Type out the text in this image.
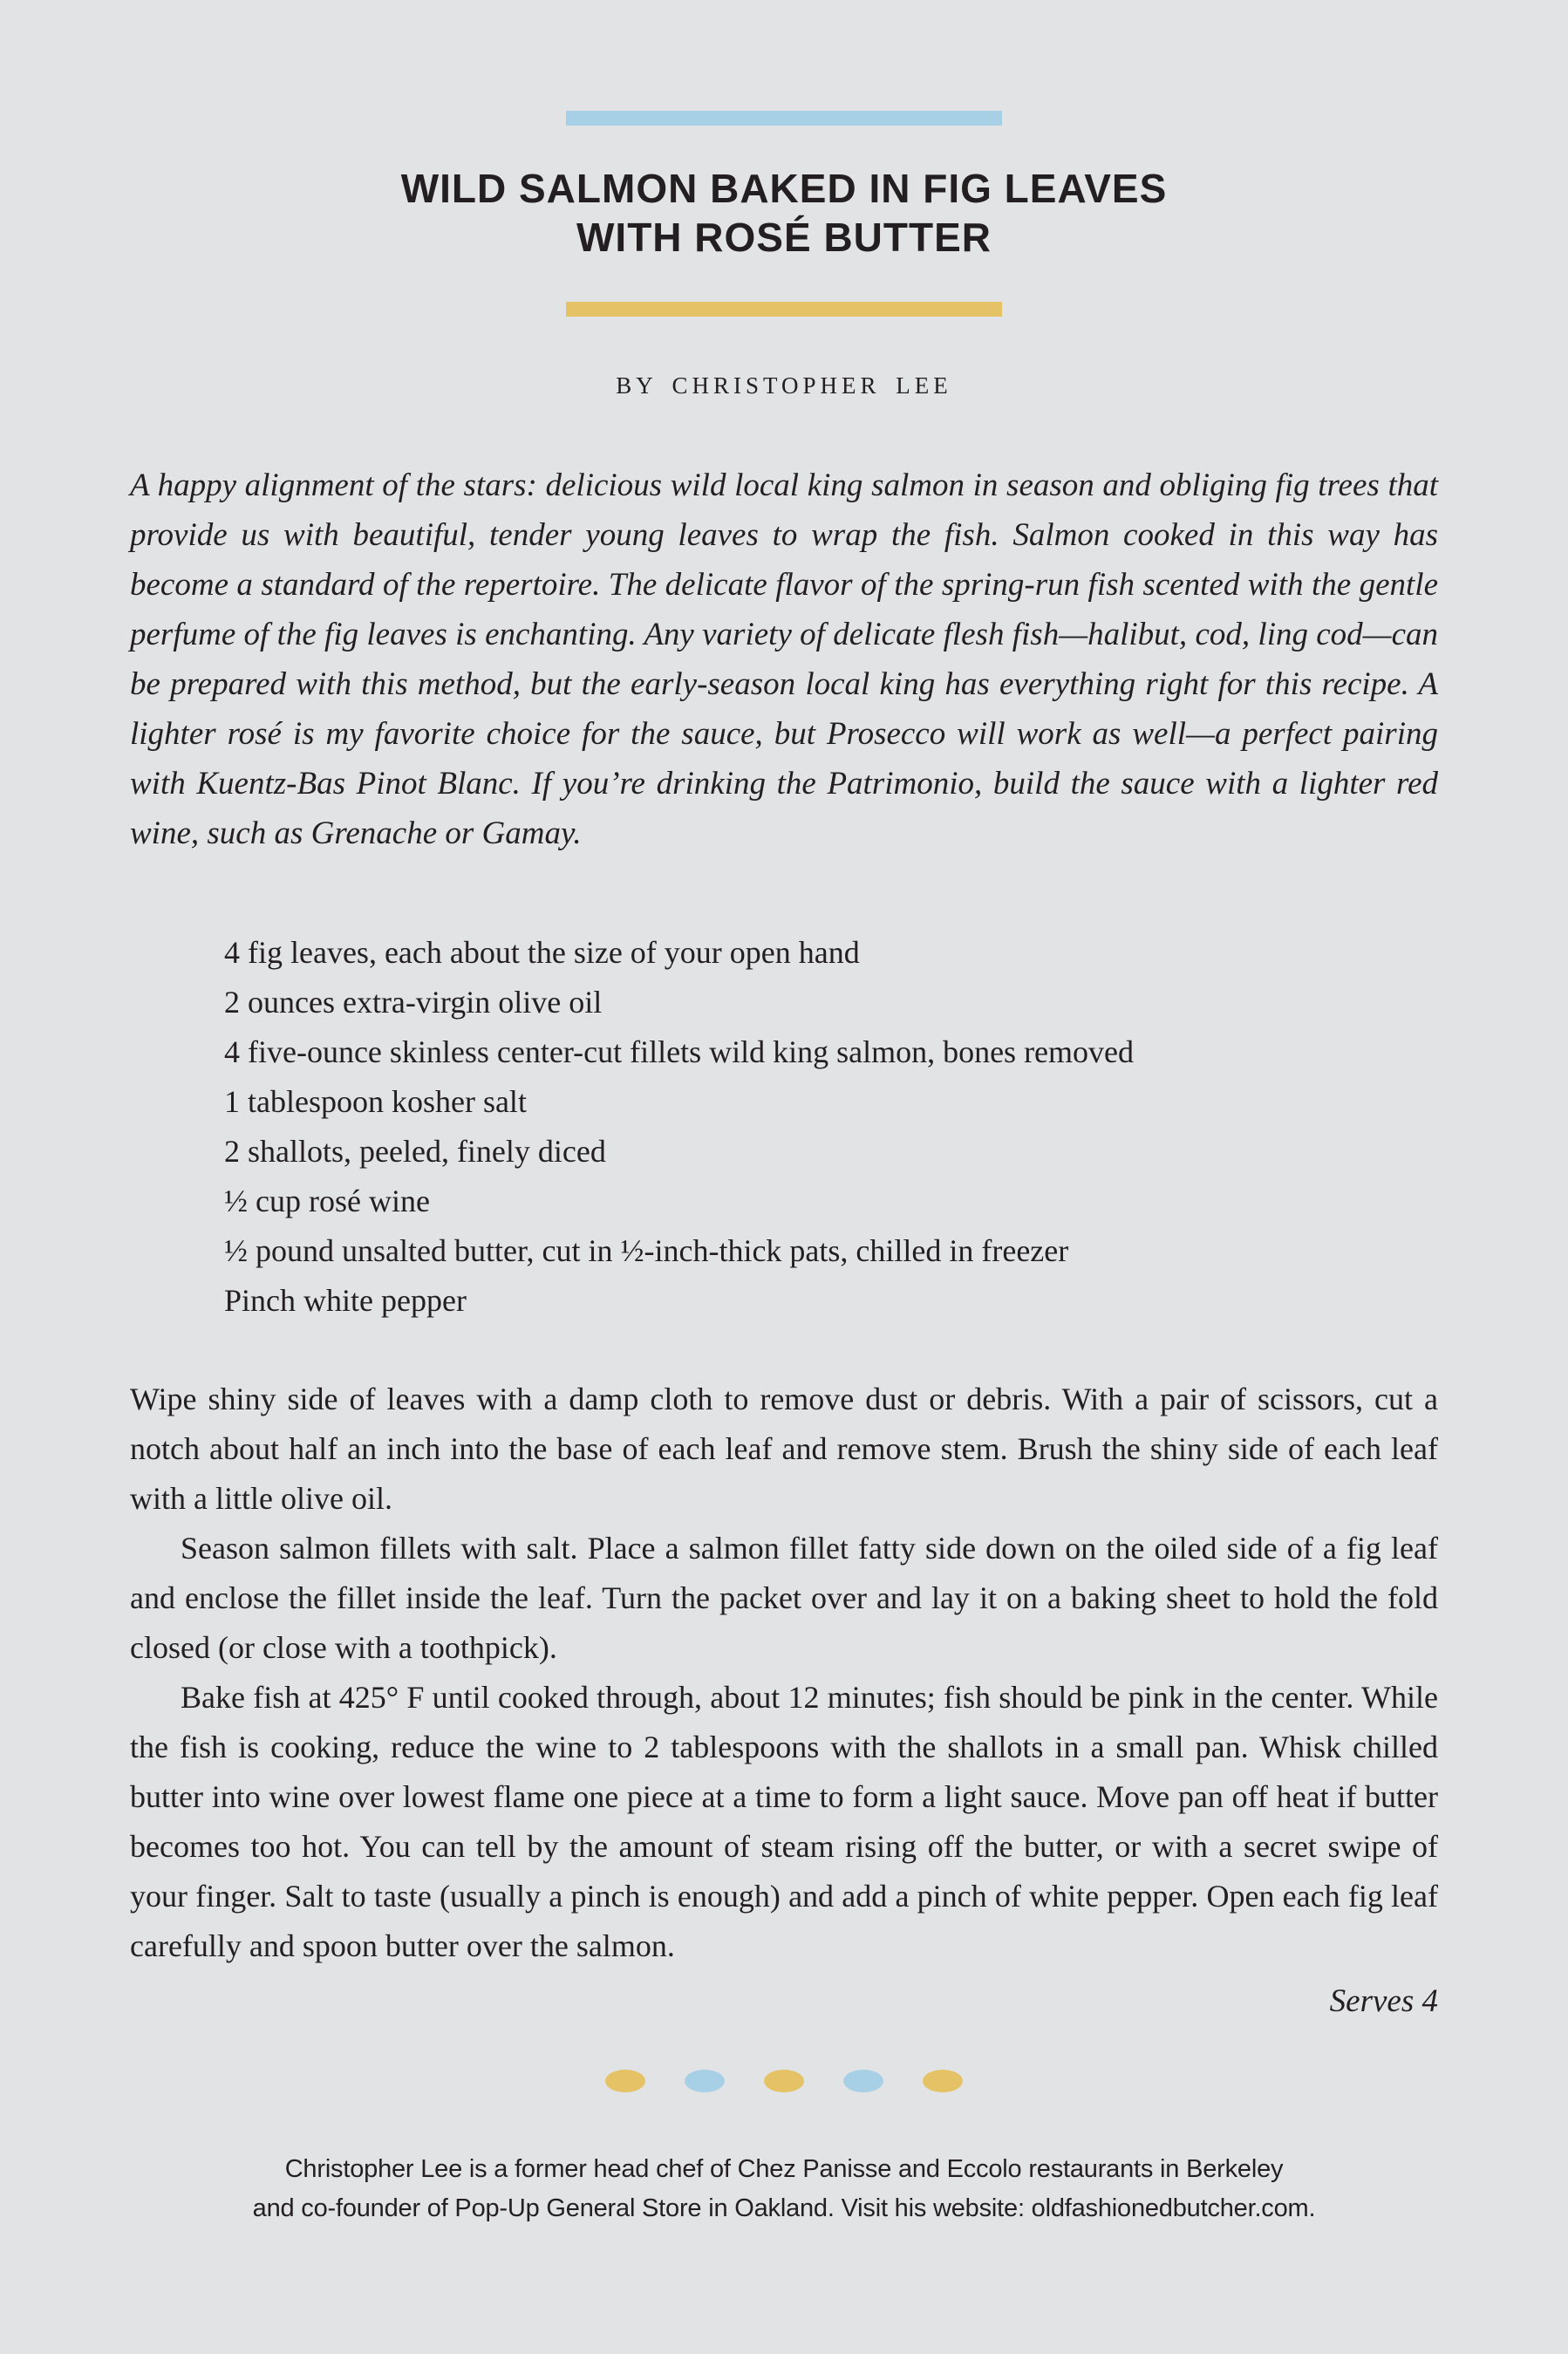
WILD SALMON BAKED IN FIG LEAVES
WITH ROSÉ BUTTER
BY CHRISTOPHER LEE

A happy alignment of the stars: delicious wild local king salmon in season and obliging fig trees that provide us with beautiful, tender young leaves to wrap the fish. Salmon cooked in this way has become a standard of the repertoire. The delicate flavor of the spring-run fish scented with the gentle perfume of the fig leaves is enchanting. Any variety of delicate flesh fish—halibut, cod, ling cod—can be prepared with this method, but the early-season local king has everything right for this recipe. A lighter rosé is my favorite choice for the sauce, but Prosecco will work as well—a perfect pairing with Kuentz-Bas Pinot Blanc. If you’re drinking the Patrimonio, build the sauce with a lighter red wine, such as Grenache or Gamay.

4 fig leaves, each about the size of your open hand
2 ounces extra-virgin olive oil
4 five-ounce skinless center-cut fillets wild king salmon, bones removed
1 tablespoon kosher salt
2 shallots, peeled, finely diced
½ cup rosé wine
½ pound unsalted butter, cut in ½-inch-thick pats, chilled in freezer
Pinch white pepper

Wipe shiny side of leaves with a damp cloth to remove dust or debris. With a pair of scissors, cut a notch about half an inch into the base of each leaf and remove stem. Brush the shiny side of each leaf with a little olive oil.

Season salmon fillets with salt. Place a salmon fillet fatty side down on the oiled side of a fig leaf and enclose the fillet inside the leaf. Turn the packet over and lay it on a baking sheet to hold the fold closed (or close with a toothpick).

Bake fish at 425° F until cooked through, about 12 minutes; fish should be pink in the center. While the fish is cooking, reduce the wine to 2 tablespoons with the shallots in a small pan. Whisk chilled butter into wine over lowest flame one piece at a time to form a light sauce. Move pan off heat if butter becomes too hot. You can tell by the amount of steam rising off the butter, or with a secret swipe of your finger. Salt to taste (usually a pinch is enough) and add a pinch of white pepper. Open each fig leaf carefully and spoon butter over the salmon.

Serves 4
Christopher Lee is a former head chef of Chez Panisse and Eccolo restaurants in Berkeley
and co-founder of Pop-Up General Store in Oakland. Visit his website: oldfashionedbutcher.com.
